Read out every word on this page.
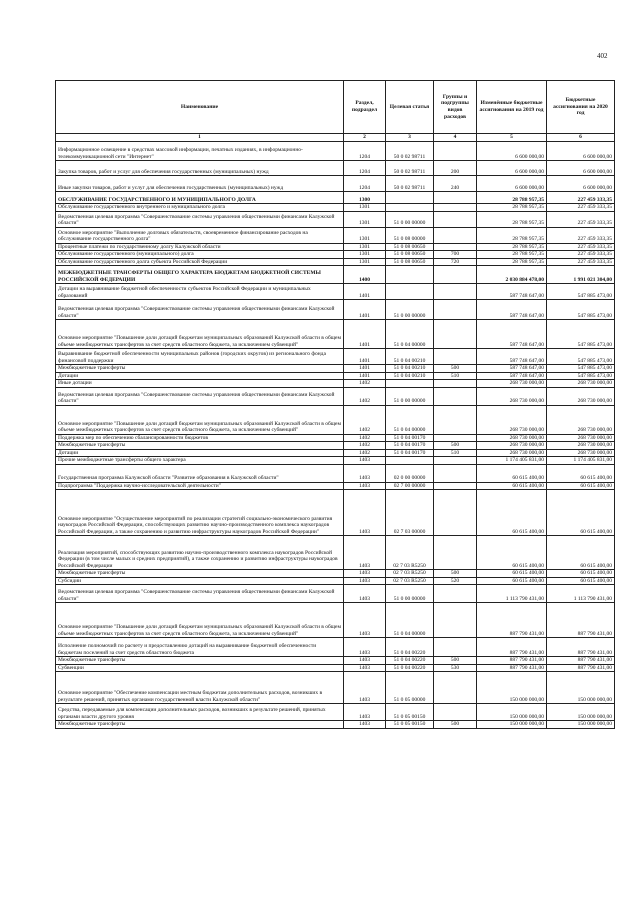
402
Наименование	Раздел, подраздел	Целевая статья	Группы и подгруппы видов расходов	Изменённые бюджетные ассигнования на 2019 год	Бюджетные ассигнования на 2020 год
1	2	3	4	5	6
Информационное освещение в средствах массовой информации, печатных изданиях, в информационно-телекоммуникационной сети "Интернет"	1204	50 0 02 98711		6 600 000,00	6 600 000,00
Закупка товаров, работ и услуг для обеспечения государственных (муниципальных) нужд	1204	50 0 02 98711	200	6 600 000,00	6 600 000,00
Иные закупки товаров, работ и услуг для обеспечения государственных (муниципальных) нужд	1204	50 0 02 98711	240	6 600 000,00	6 600 000,00
ОБСЛУЖИВАНИЕ ГОСУДАРСТВЕННОГО И МУНИЦИПАЛЬНОГО ДОЛГА	1300			28 788 957,35	227 459 333,35
Обслуживание государственного внутреннего и муниципального долга	1301			28 788 957,35	227 459 333,35
Ведомственная целевая программа "Совершенствование системы управления общественными финансами Калужской области"	1301	51 0 00 00000		28 788 957,35	227 459 333,35
Основное мероприятие "Выполнение долговых обязательств, своевременное финансирование расходов на обслуживание государственного долга"	1301	51 0 08 00000		28 788 957,35	227 459 333,35
Процентные платежи по государственному долгу Калужской области	1301	51 0 08 00650		28 788 957,35	227 459 333,35
Обслуживание государственного (муниципального) долга	1301	51 0 08 00650	700	28 788 957,35	227 459 333,35
Обслуживание государственного долга субъекта Российской Федерации	1301	51 0 08 00650	720	28 788 957,35	227 459 333,35
МЕЖБЮДЖЕТНЫЕ ТРАНСФЕРТЫ ОБЩЕГО ХАРАКТЕРА БЮДЖЕТАМ БЮДЖЕТНОЙ СИСТЕМЫ РОССИЙСКОЙ ФЕДЕРАЦИИ	1400			2 030 884 478,00	1 991 021 304,00
Дотации на выравнивание бюджетной обеспеченности субъектов Российской Федерации и муниципальных образований	1401			587 748 647,00	547 885 473,00
Ведомственная целевая программа "Совершенствование системы управления общественными финансами Калужской области"	1401	51 0 00 00000		587 748 647,00	547 885 473,00
Основное мероприятие "Повышение доли дотаций бюджетам муниципальных образований Калужской области в общем объеме межбюджетных трансфертов за счет средств областного бюджета, за исключением субвенций"	1401	51 0 04 00000		587 748 647,00	547 885 473,00
Выравнивание бюджетной обеспеченности муниципальных районов (городских округов) из регионального фонда финансовой поддержки	1401	51 0 04 00210		587 748 647,00	547 885 473,00
Межбюджетные трансферты	1401	51 0 04 00210	500	587 748 647,00	547 885 473,00
Дотации	1401	51 0 04 00210	510	587 748 647,00	547 885 473,00
Иные дотации	1402			268 730 000,00	268 730 000,00
Ведомственная целевая программа "Совершенствование системы управления общественными финансами Калужской области"	1402	51 0 00 00000		268 730 000,00	268 730 000,00
Основное мероприятие "Повышение доли дотаций бюджетам муниципальных образований Калужской области в общем объеме межбюджетных трансфертов за счет средств областного бюджета, за исключением субвенций"	1402	51 0 04 00000		268 730 000,00	268 730 000,00
Поддержка мер по обеспечению сбалансированности бюджетов	1402	51 0 04 00170		268 730 000,00	268 730 000,00
Межбюджетные трансферты	1402	51 0 04 00170	500	268 730 000,00	268 730 000,00
Дотации	1402	51 0 04 00170	510	268 730 000,00	268 730 000,00
Прочие межбюджетные трансферты общего характера	1403			1 174 405 831,00	1 174 405 831,00
Государственная программа Калужской области "Развитие образования в Калужской области"	1403	02 0 00 00000		60 615 400,00	60 615 400,00
Подпрограмма "Поддержка научно-исследовательской деятельности"	1403	02 7 00 00000		60 615 400,00	60 615 400,00
Основное мероприятие "Осуществление мероприятий по реализации стратегий социально-экономического развития наукоградов Российской Федерации, способствующих развитию научно-производственного комплекса наукоградов Российской Федерации, а также сохранению и развитию инфраструктуры наукоградов Российской Федерации"	1403	02 7 03 00000		60 615 400,00	60 615 400,00
Реализация мероприятий, способствующих развитию научно-производственного комплекса наукоградов Российской Федерации (в том числе малых и средних предприятий), а также сохранению и развитию инфраструктуры наукоградов Российской Федерации	1403	02 7 03 R5250		60 615 400,00	60 615 400,00
Межбюджетные трансферты	1403	02 7 03 R5250	500	60 615 400,00	60 615 400,00
Субсидии	1403	02 7 03 R5250	520	60 615 400,00	60 615 400,00
Ведомственная целевая программа "Совершенствование системы управления общественными финансами Калужской области"	1403	51 0 00 00000		1 113 790 431,00	1 113 790 431,00
Основное мероприятие "Повышение доли дотаций бюджетам муниципальных образований Калужской области в общем объеме межбюджетных трансфертов за счет средств областного бюджета, за исключением субвенций"	1403	51 0 04 00000		887 790 431,00	887 790 431,00
Исполнение полномочий по расчету и предоставлению дотаций на выравнивание бюджетной обеспеченности бюджетам поселений за счет средств областного бюджета	1403	51 0 04 00220		887 790 431,00	887 790 431,00
Межбюджетные трансферты	1403	51 0 04 00220	500	887 790 431,00	887 790 431,00
Субвенции	1403	51 0 04 00220	530	887 790 431,00	887 790 431,00
Основное мероприятие "Обеспечение компенсации местным бюджетам дополнительных расходов, возникших в результате решений, принятых органами государственной власти Калужской области"	1403	51 0 05 00000		150 000 000,00	150 000 000,00
Средства, передаваемые для компенсации дополнительных расходов, возникших в результате решений, принятых органами власти другого уровня	1403	51 0 05 00150		150 000 000,00	150 000 000,00
Межбюджетные трансферты	1403	51 0 05 00150	500	150 000 000,00	150 000 000,00
